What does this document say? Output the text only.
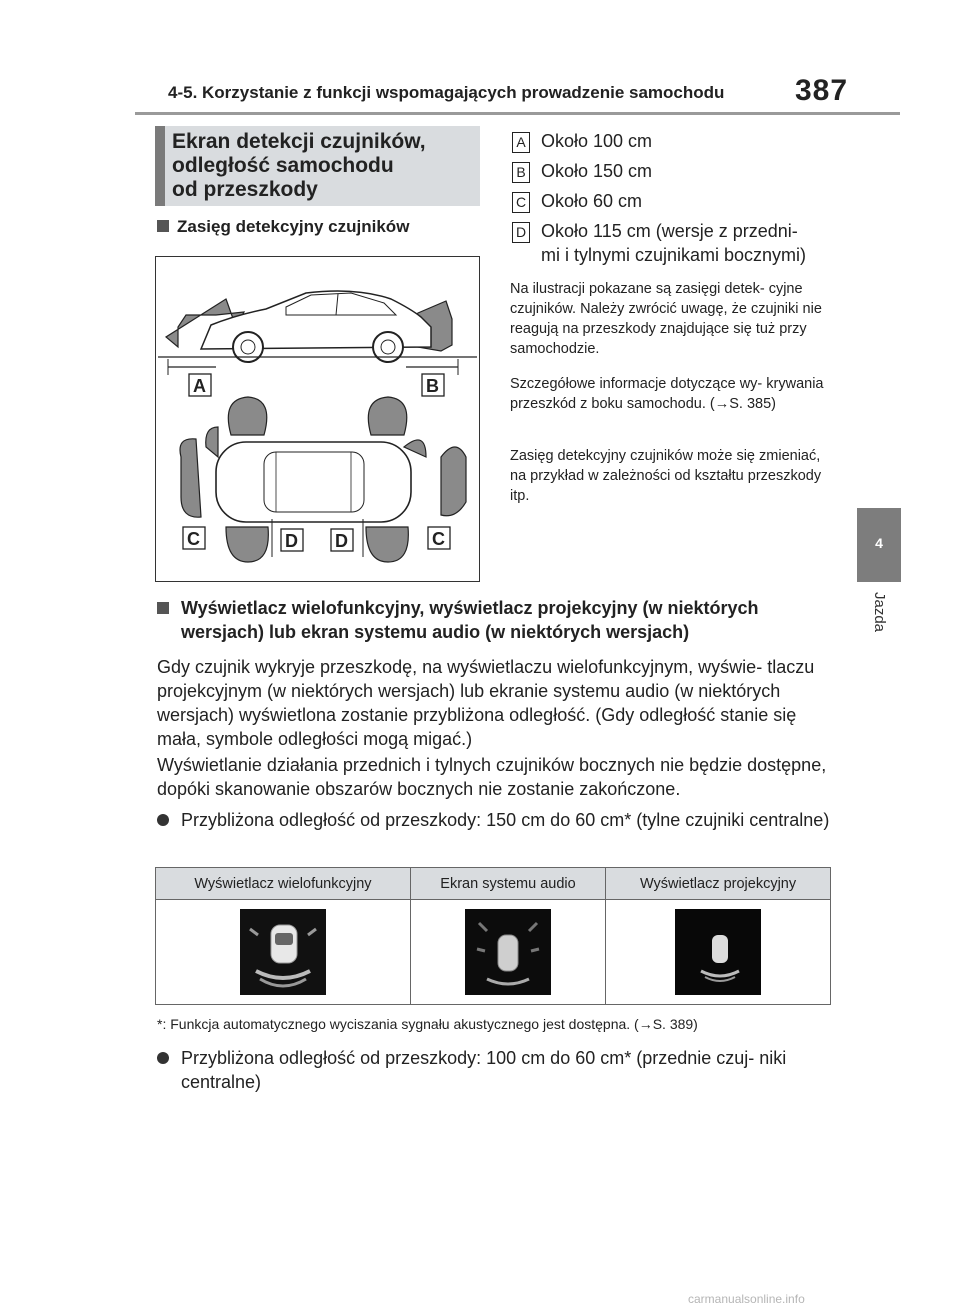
4-5. Korzystanie z funkcji wspomagających prowadzenie samochodu 387
4
Jazda
Ekran detekcji czujników,
odległość samochodu
od przeszkody
Zasięg detekcyjny czujników
A	B
C	D D	C
A Około 100 cm
B Około 150 cm
C Około 60 cm
D Około 115 cm (wersje z przedni-
mi i tylnymi czujnikami bocznymi)
Na ilustracji pokazane są zasięgi detek- cyjne czujników. Należy zwrócić uwagę, że czujniki nie reagują na przeszkody znajdujące się tuż przy samochodzie.
Szczegółowe informacje dotyczące wy- krywania przeszkód z boku samochodu. (→S. 385)
Zasięg detekcyjny czujników może się zmieniać, na przykład w zależności od kształtu przeszkody itp.
Wyświetlacz wielofunkcyjny, wyświetlacz projekcyjny (w niektórych wersjach) lub ekran systemu audio (w niektórych wersjach)
Gdy czujnik wykryje przeszkodę, na wyświetlaczu wielofunkcyjnym, wyświe- tlaczu projekcyjnym (w niektórych wersjach) lub ekranie systemu audio (w niektórych wersjach) wyświetlona zostanie przybliżona odległość. (Gdy odległość stanie się mała, symbole odległości mogą migać.)
Wyświetlanie działania przednich i tylnych czujników bocznych nie będzie dostępne, dopóki skanowanie obszarów bocznych nie zostanie zakończone.
Przybliżona odległość od przeszkody: 150 cm do 60 cm* (tylne czujniki centralne)
Wyświetlacz wielofunkcyjny	Ekran systemu audio	Wyświetlacz projekcyjny

*: Funkcja automatycznego wyciszania sygnału akustycznego jest dostępna. (→S. 389)
Przybliżona odległość od przeszkody: 100 cm do 60 cm* (przednie czuj- niki centralne)
carmanualsonline.info
